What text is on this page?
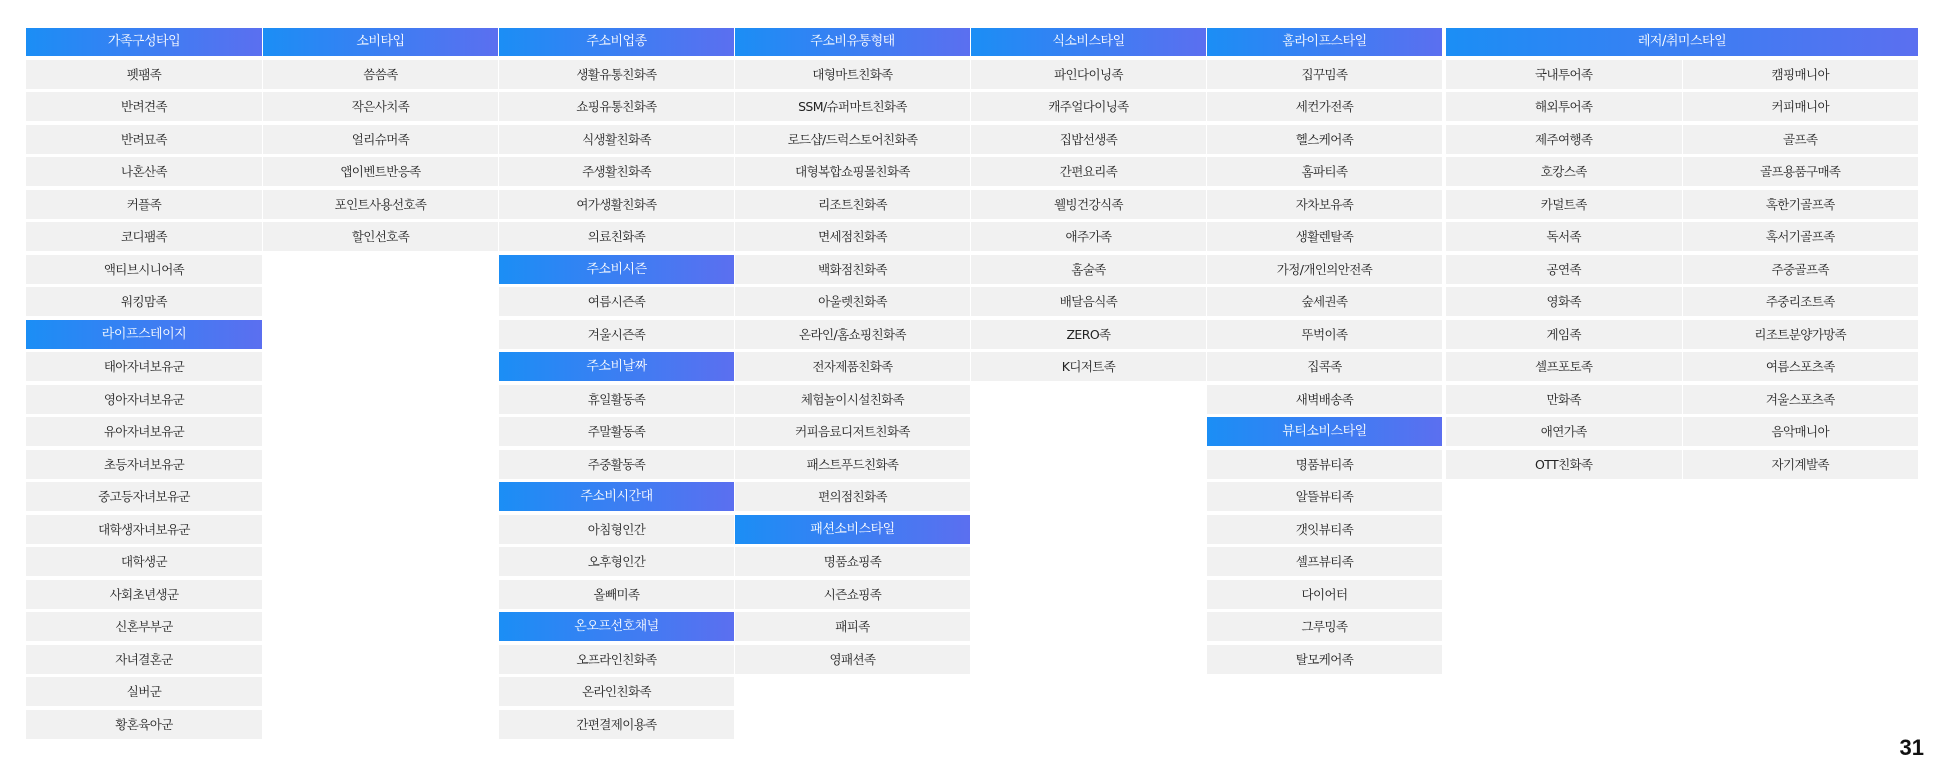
가족구성타입
펫팸족
반려견족
반려묘족
나혼산족
커플족
코디팸족
액티브시니어족
워킹맘족
라이프스테이지
태아자녀보유군
영아자녀보유군
유아자녀보유군
초등자녀보유군
중고등자녀보유군
대학생자녀보유군
대학생군
사회초년생군
신혼부부군
자녀결혼군
실버군
황혼육아군
소비타입
씀씀족
작은사치족
얼리슈머족
앱이벤트반응족
포인트사용선호족
할인선호족
주소비업종
생활유통친화족
쇼핑유통친화족
식생활친화족
주생활친화족
여가생활친화족
의료친화족
주소비시즌
여름시즌족
겨울시즌족
주소비날짜
휴일활동족
주말활동족
주중활동족
주소비시간대
아침형인간
오후형인간
올빼미족
온오프선호채널
오프라인친화족
온라인친화족
간편결제이용족
주소비유통형태
대형마트친화족
SSM/슈퍼마트친화족
로드샵/드럭스토어친화족
대형복합쇼핑몰친화족
리조트친화족
면세점친화족
백화점친화족
아울렛친화족
온라인/홈쇼핑친화족
전자제품친화족
체험놀이시설친화족
커피음료디저트친화족
패스트푸드친화족
편의점친화족
패션소비스타일
명품쇼핑족
시즌쇼핑족
패피족
영패션족
식소비스타일
파인다이닝족
캐주얼다이닝족
집밥선생족
간편요리족
웰빙건강식족
애주가족
홈술족
배달음식족
ZERO족
K디저트족
홈라이프스타일
집꾸밈족
세컨가전족
헬스케어족
홈파티족
자차보유족
생활렌탈족
가정/개인의안전족
숲세권족
뚜벅이족
집콕족
새벽배송족
뷰티소비스타일
명품뷰티족
알뜰뷰티족
갯잇뷰티족
셀프뷰티족
다이어터
그루밍족
탈모케어족
레저/취미스타일
국내투어족	캠핑매니아
해외투어족	커피매니아
제주여행족	골프족
호캉스족	골프용품구매족
카덜트족	혹한기골프족
독서족	혹서기골프족
공연족	주중골프족
영화족	주중리조트족
게임족	리조트분양가망족
셀프포토족	여름스포츠족
만화족	겨울스포츠족
애연가족	음악매니아
OTT친화족	자기계발족
31
